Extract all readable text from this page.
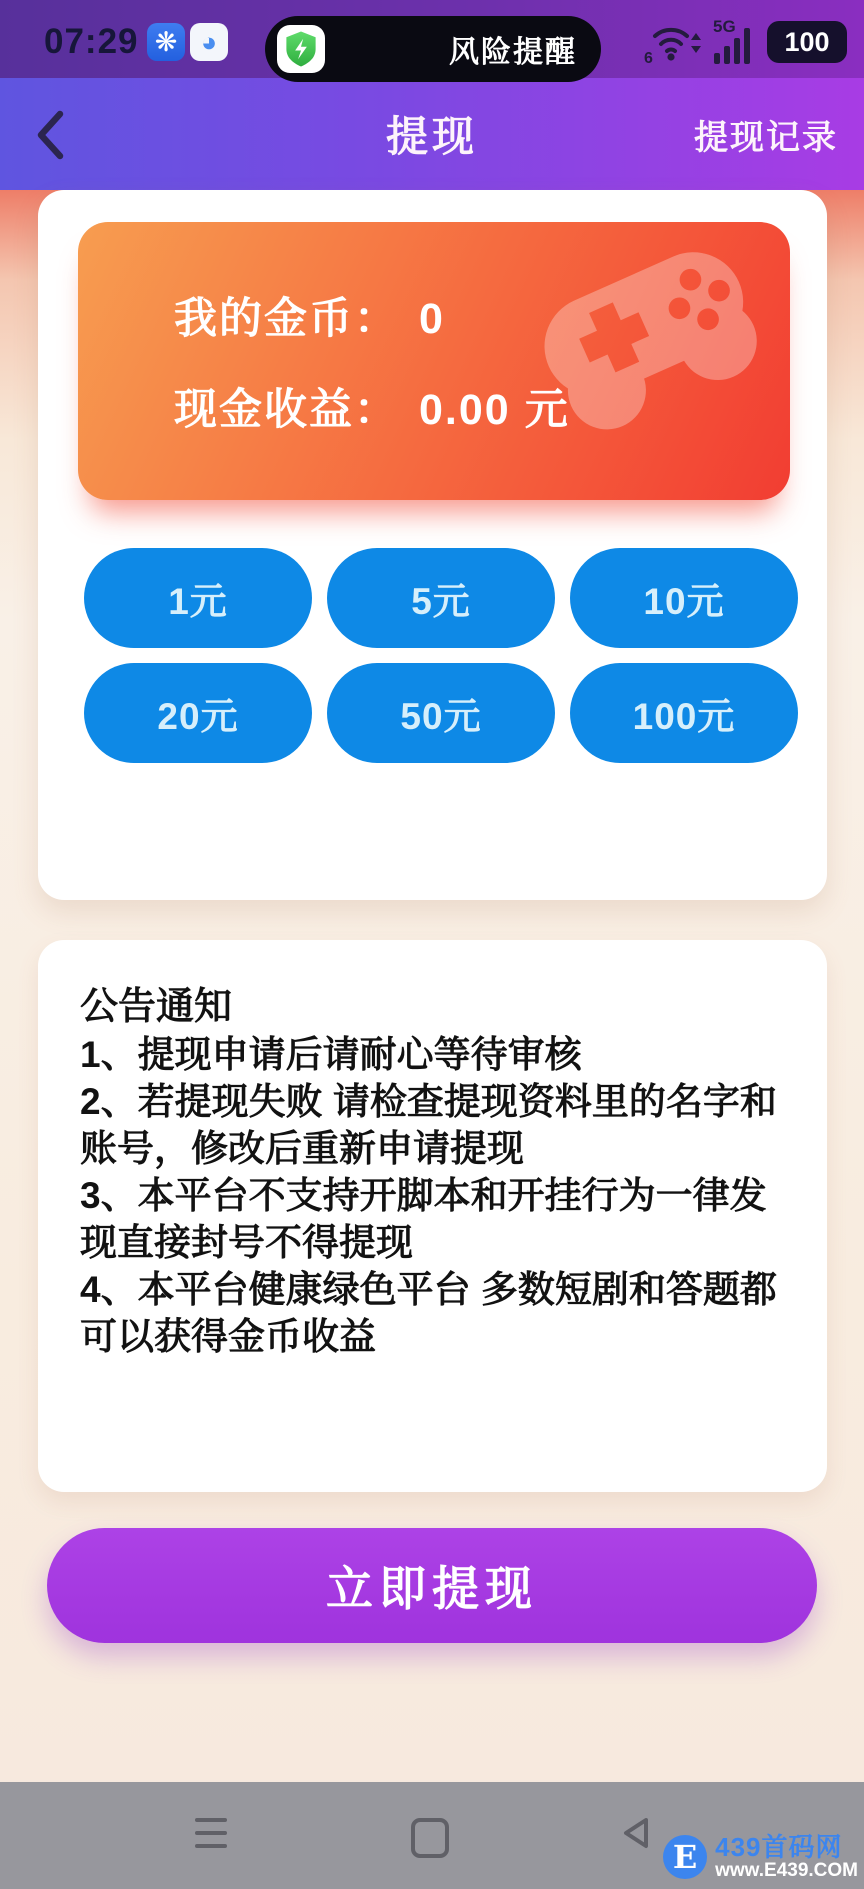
07:29 ❋ ◕
6
5G 100
风险提醒
提现	提现记录
我的金币： 0
现金收益： 0.00 元
1元	5元	10元
20元	50元	100元
公告通知
1、提现申请后请耐心等待审核
2、若提现失败 请检查提现资料里的名字和账号，修改后重新申请提现
3、本平台不支持开脚本和开挂行为一律发现直接封号不得提现
4、本平台健康绿色平台 多数短剧和答题都可以获得金币收益
立即提现
E 439首码网
www.E439.COM
